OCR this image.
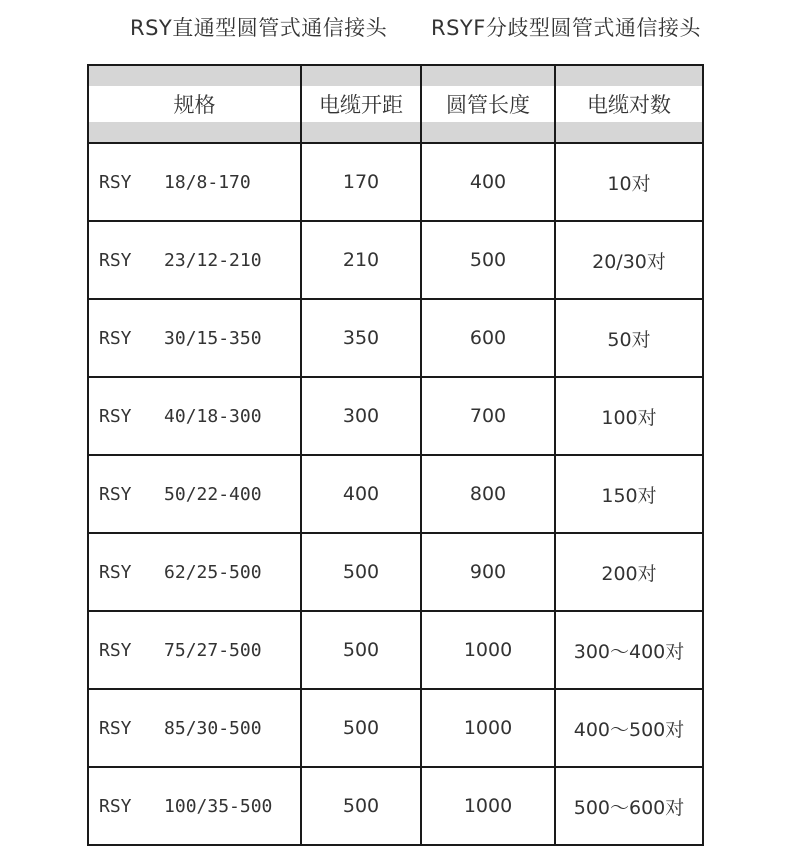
RSY直通型圆管式通信接头 RSYF分歧型圆管式通信接头
规格	电缆开距	圆管长度	电缆对数
RSY   18/8-170	170	400	10对
RSY   23/12-210	210	500	20/30对
RSY   30/15-350	350	600	50对
RSY   40/18-300	300	700	100对
RSY   50/22-400	400	800	150对
RSY   62/25-500	500	900	200对
RSY   75/27-500	500	1000	300～400对
RSY   85/30-500	500	1000	400～500对
RSY   100/35-500	500	1000	500～600对
